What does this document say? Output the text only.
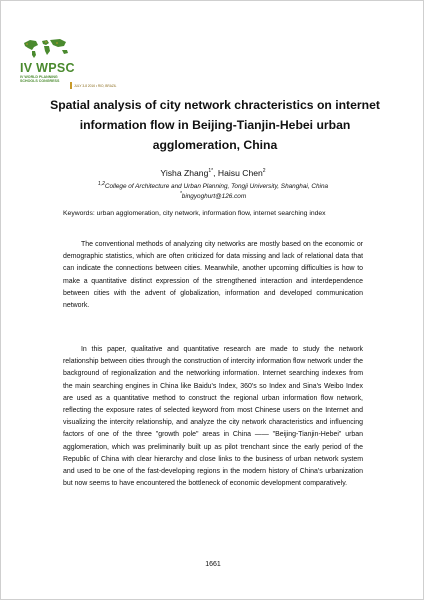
IV WPSC
IV WORLD PLANNING SCHOOLS CONGRESS
JULY 3-8 2016 • RIO, BRAZIL
Spatial analysis of city network chracteristics on internet information flow in Beijing-Tianjin-Hebei urban agglomeration, China
Yisha Zhang$^{1*}$, Haisu Chen$^2$
$^{1,2}$College of Architecture and Urban Planning, Tongji University, Shanghai, China
*bingyoghurt@126.com
Keywords: urban agglomeration, city network, information flow, internet searching index

The conventional methods of analyzing city networks are mostly based on the economic or demographic statistics, which are often criticized for data missing and lack of relational data that can indicate the connections between cities. Meanwhile, another upcoming difficulties is how to make a quantitative distinct expression of the strengthened interaction and interdependence between cities with the advent of globalization, information and developed communication network.

In this paper, qualitative and quantitative research are made to study the network relationship between cities through the construction of intercity information flow network under the background of regionalization and the networking information. Internet searching indexes from the main searching engines in China like Baidu's Index, 360's so Index and Sina's Weibo Index are used as a quantitative method to construct the regional urban information flow network, reflecting the exposure rates of selected keyword from most Chinese users on the Internet and visualizing the intercity relationship, and analyze the city network characteristics and influencing factors of one of the three "growth pole" areas in China —— "Beijing-Tianjin-Hebei" urban agglomeration, which was preliminarily built up as pilot trenchant since the early period of the Republic of China with clear hierarchy and close links to the business of urban network system and used to be one of the fast-developing regions in the modern history of China's urbanization but now seems to have encountered the bottleneck of economic development comparatively.

1661
